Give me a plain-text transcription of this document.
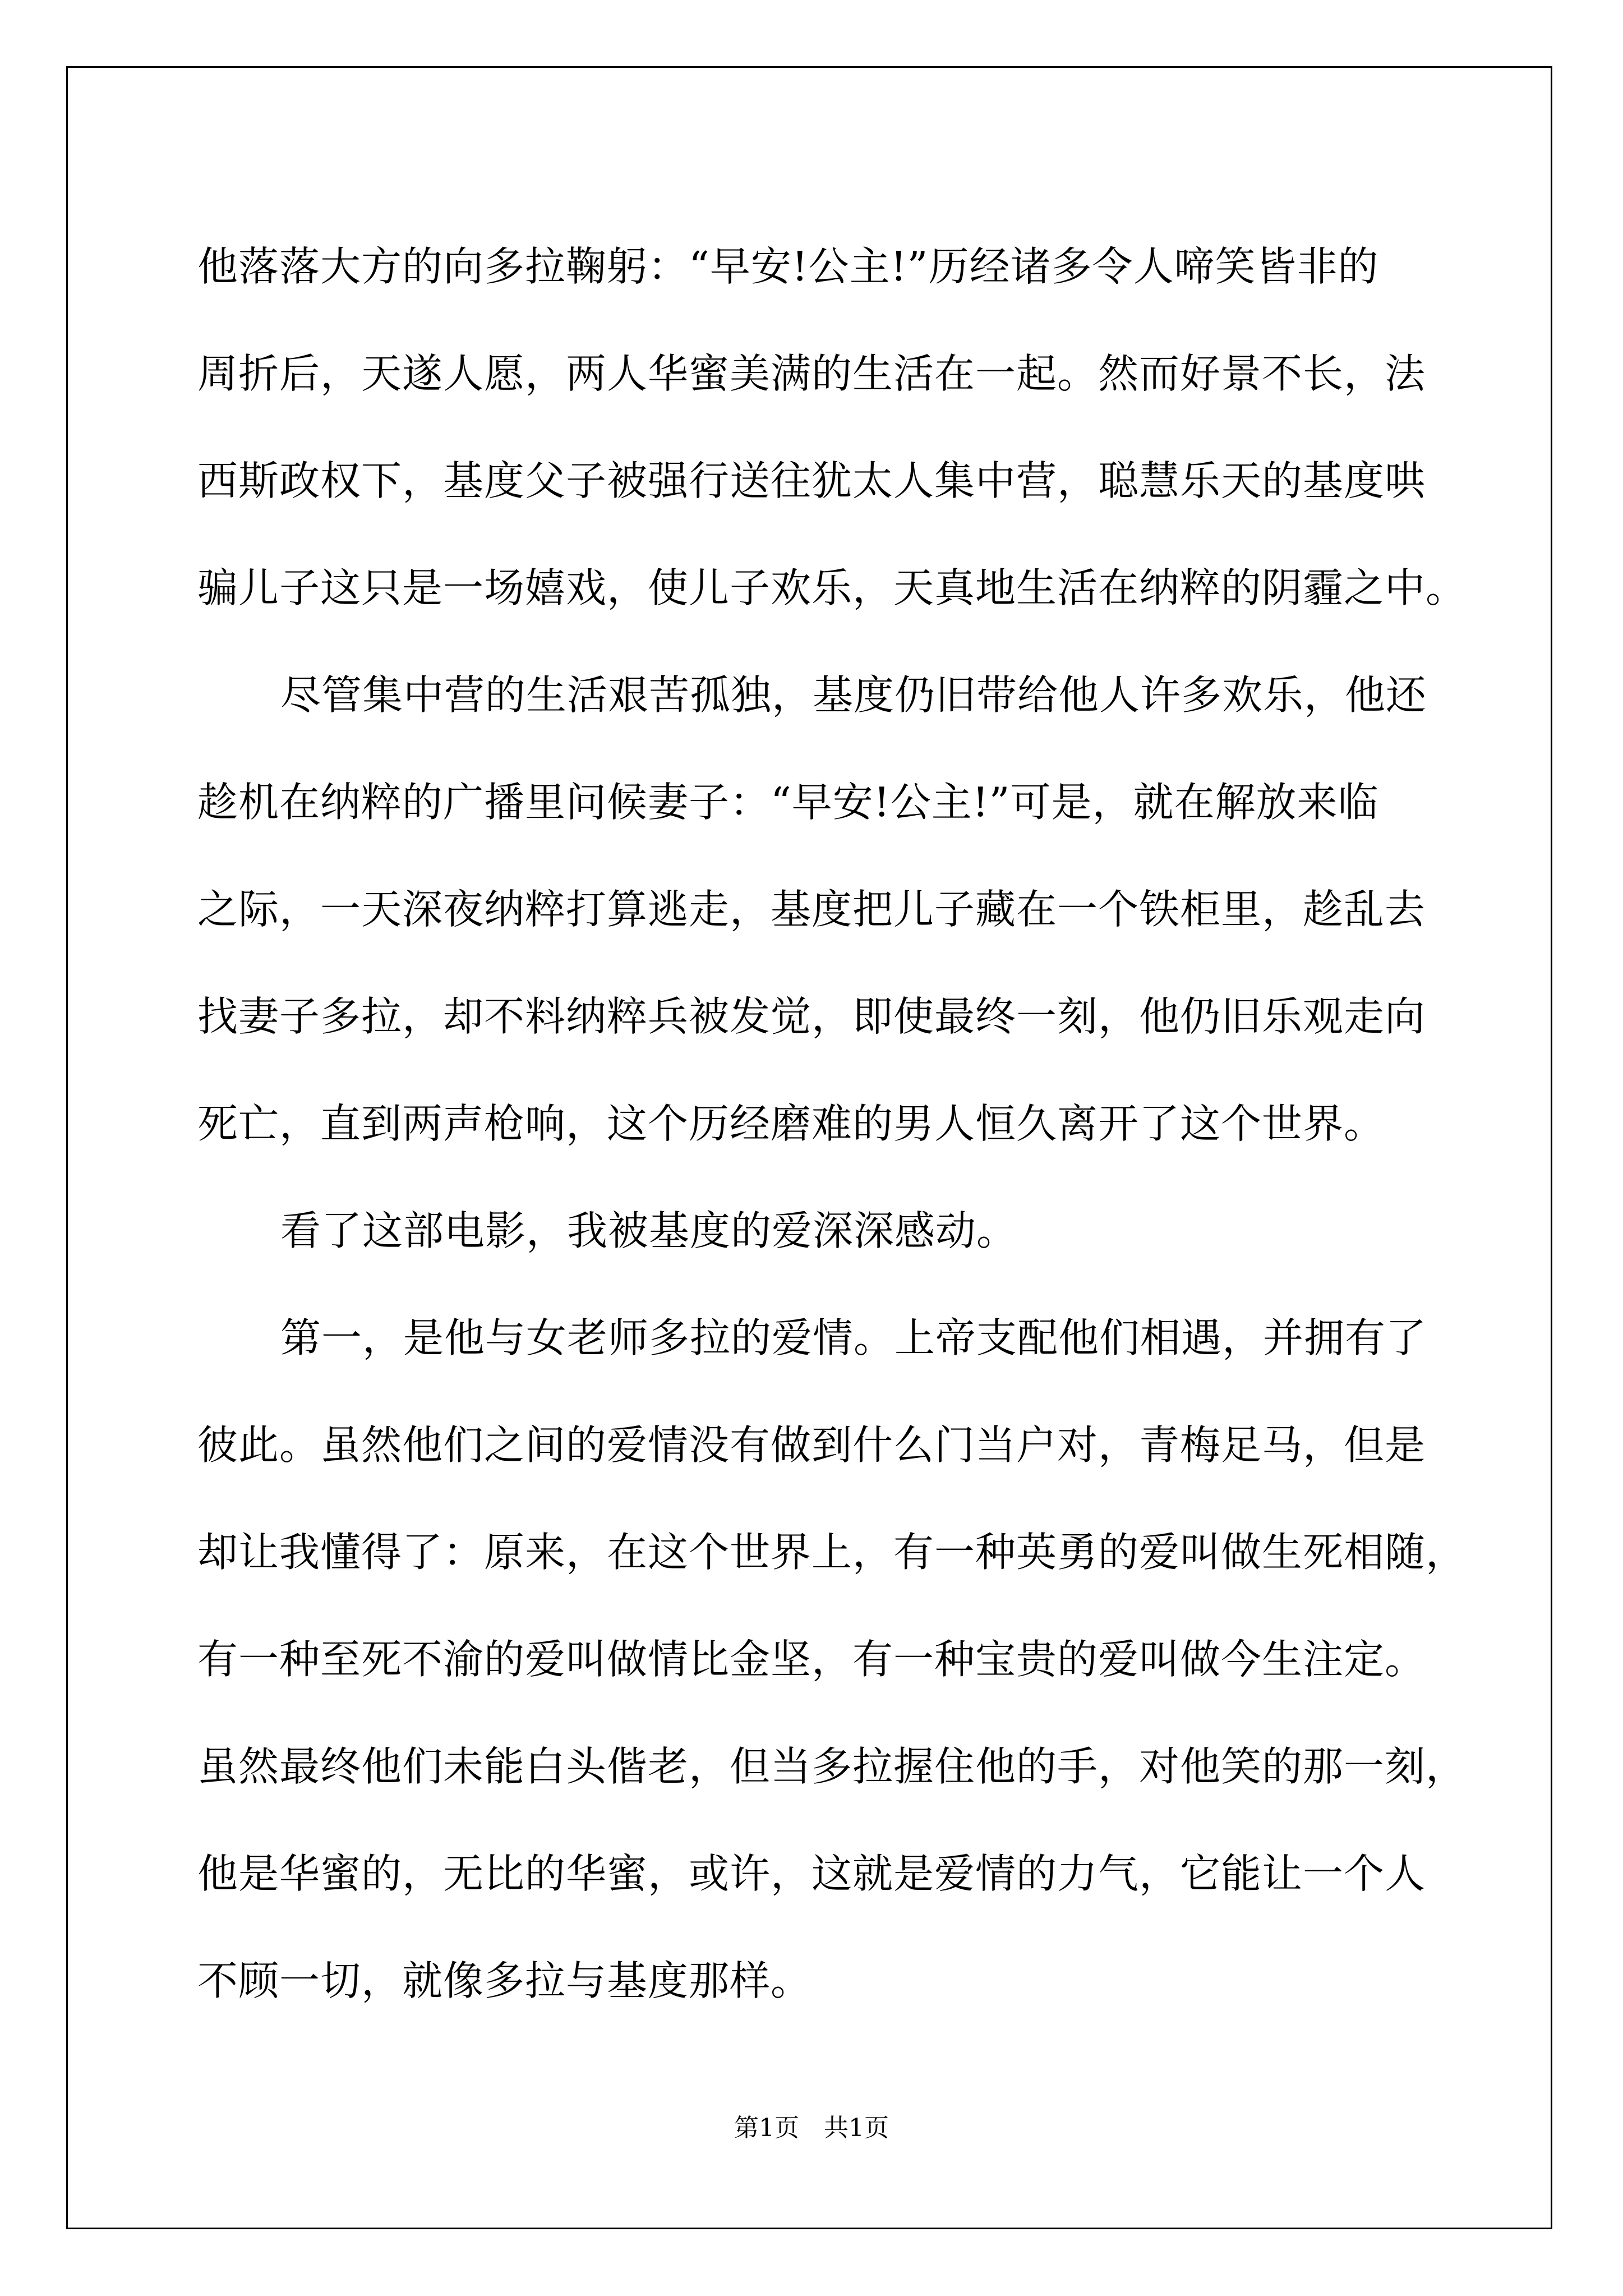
他落落大方的向多拉鞠躬：“早安!公主!”历经诸多令人啼笑皆非的
周折后，天遂人愿，两人华蜜美满的生活在一起。然而好景不长，法
西斯政权下，基度父子被强行送往犹太人集中营，聪慧乐天的基度哄
骗儿子这只是一场嬉戏，使儿子欢乐，天真地生活在纳粹的阴霾之中。
尽管集中营的生活艰苦孤独，基度仍旧带给他人许多欢乐，他还
趁机在纳粹的广播里问候妻子：“早安!公主!”可是，就在解放来临
之际，一天深夜纳粹打算逃走，基度把儿子藏在一个铁柜里，趁乱去
找妻子多拉，却不料纳粹兵被发觉，即使最终一刻，他仍旧乐观走向
死亡，直到两声枪响，这个历经磨难的男人恒久离开了这个世界。
看了这部电影，我被基度的爱深深感动。
第一，是他与女老师多拉的爱情。上帝支配他们相遇，并拥有了
彼此。虽然他们之间的爱情没有做到什么门当户对，青梅足马，但是
却让我懂得了：原来，在这个世界上，有一种英勇的爱叫做生死相随，
有一种至死不渝的爱叫做情比金坚，有一种宝贵的爱叫做今生注定。
虽然最终他们未能白头偕老，但当多拉握住他的手，对他笑的那一刻，
他是华蜜的，无比的华蜜，或许，这就是爱情的力气，它能让一个人
不顾一切，就像多拉与基度那样。
第1页　共1页
